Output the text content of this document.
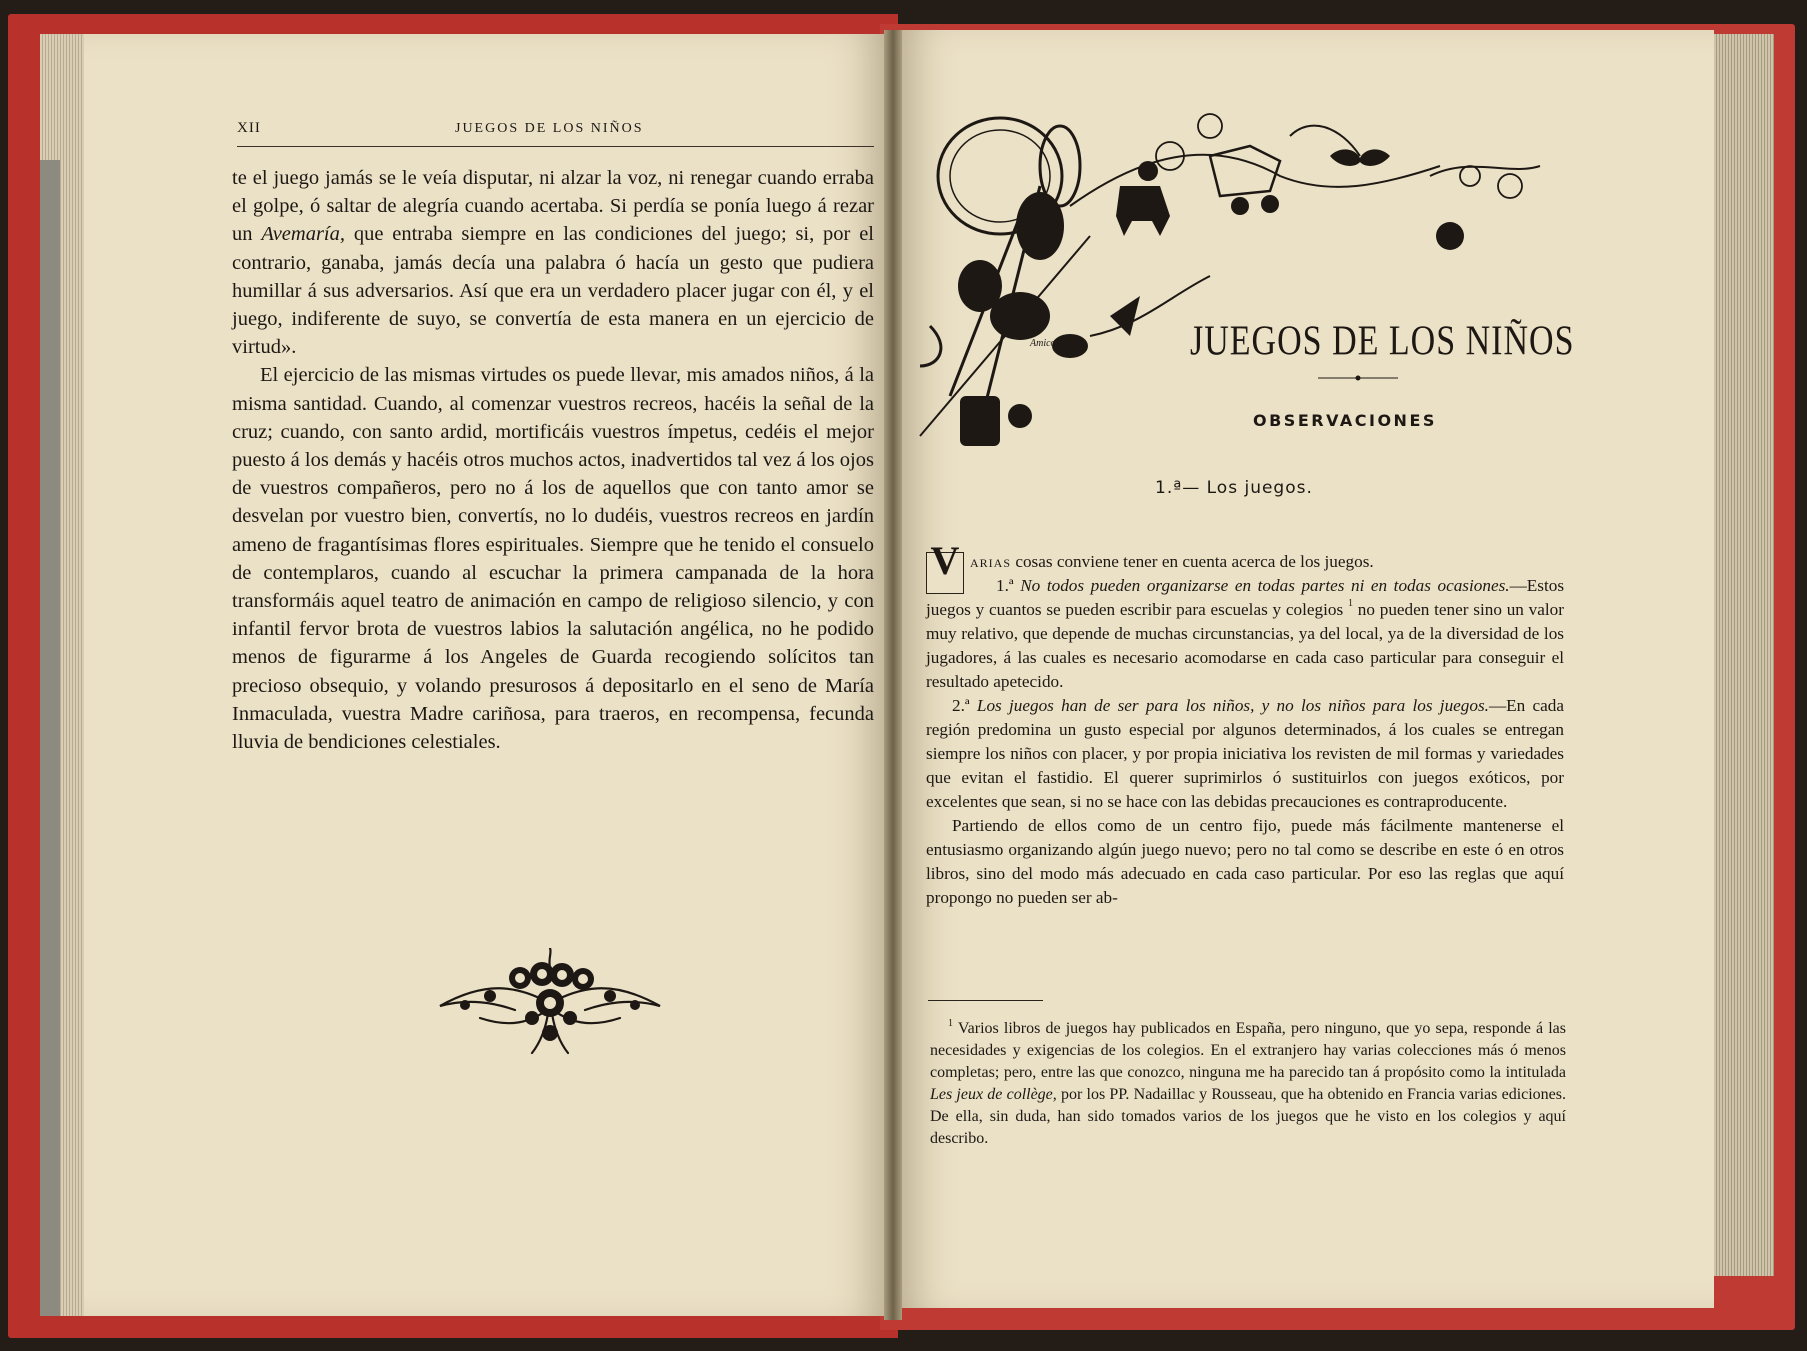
XII	JUEGOS DE LOS NIÑOS

te el juego jamás se le veía disputar, ni alzar la voz, ni renegar cuando erraba el golpe, ó saltar de alegría cuando acertaba. Si perdía se ponía luego á rezar un Avemaría, que entraba siempre en las condiciones del juego; si, por el contrario, ganaba, jamás decía una palabra ó hacía un gesto que pudiera humillar á sus adversarios. Así que era un verdadero placer jugar con él, y el juego, indiferente de suyo, se convertía de esta manera en un ejercicio de virtud».

El ejercicio de las mismas virtudes os puede llevar, mis amados niños, á la misma santidad. Cuando, al comenzar vuestros recreos, hacéis la señal de la cruz; cuando, con santo ardid, mortificáis vuestros ímpetus, cedéis el mejor puesto á los demás y hacéis otros muchos actos, inadvertidos tal vez á los ojos de vuestros compañeros, pero no á los de aquellos que con tanto amor se desvelan por vuestro bien, convertís, no lo dudéis, vuestros recreos en jardín ameno de fragantísimas flores espirituales. Siempre que he tenido el consuelo de contemplaros, cuando al escuchar la primera campanada de la hora transformáis aquel teatro de animación en campo de religioso silencio, y con infantil fervor brota de vuestros labios la salutación angélica, no he podido menos de figurarme á los Angeles de Guarda recogiendo solícitos tan precioso obsequio, y volando presurosos á depositarlo en el seno de María Inmaculada, vuestra Madre cariñosa, para traeros, en recompensa, fecunda lluvia de bendiciones celestiales.

Amicola	JUEGOS DE LOS NIÑOS
OBSERVACIONES
1.ª— Los juegos.

V arias cosas conviene tener en cuenta acerca de los juegos.

1.ª No todos pueden organizarse en todas partes ni en todas ocasiones.—Estos juegos y cuantos se pueden escribir para escuelas y colegios $^1$ no pueden tener sino un valor muy relativo, que depende de muchas circunstancias, ya del local, ya de la diversidad de los jugadores, á las cuales es necesario acomodarse en cada caso particular para conseguir el resultado apetecido.

2.ª Los juegos han de ser para los niños, y no los niños para los juegos.—En cada región predomina un gusto especial por algunos determinados, á los cuales se entregan siempre los niños con placer, y por propia iniciativa los revisten de mil formas y variedades que evitan el fastidio. El querer suprimirlos ó sustituirlos con juegos exóticos, por excelentes que sean, si no se hace con las debidas precauciones es contraproducente.

Partiendo de ellos como de un centro fijo, puede más fácilmente mantenerse el entusiasmo organizando algún juego nuevo; pero no tal como se describe en este ó en otros libros, sino del modo más adecuado en cada caso particular. Por eso las reglas que aquí propongo no pueden ser ab-

$^1$ Varios libros de juegos hay publicados en España, pero ninguno, que yo sepa, responde á las necesidades y exigencias de los colegios. En el extranjero hay varias colecciones más ó menos completas; pero, entre las que conozco, ninguna me ha parecido tan á propósito como la intitulada Les jeux de collège, por los PP. Nadaillac y Rousseau, que ha obtenido en Francia varias ediciones. De ella, sin duda, han sido tomados varios de los juegos que he visto en los colegios y aquí describo.
